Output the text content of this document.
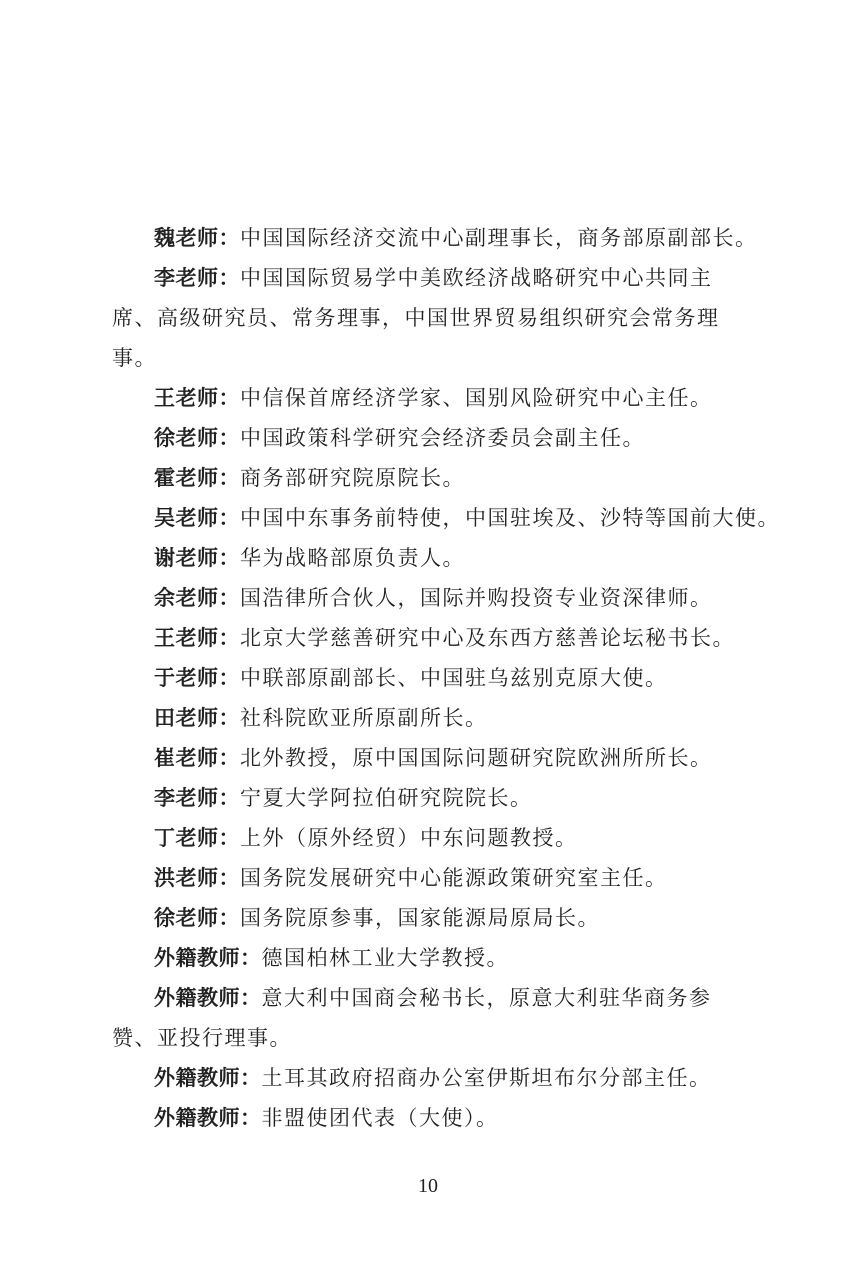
魏老师：中国国际经济交流中心副理事长，商务部原副部长。

李老师：中国国际贸易学中美欧经济战略研究中心共同主席、高级研究员、常务理事，中国世界贸易组织研究会常务理事。

王老师：中信保首席经济学家、国别风险研究中心主任。

徐老师：中国政策科学研究会经济委员会副主任。

霍老师：商务部研究院原院长。

吴老师：中国中东事务前特使，中国驻埃及、沙特等国前大使。

谢老师：华为战略部原负责人。

余老师：国浩律所合伙人，国际并购投资专业资深律师。

王老师：北京大学慈善研究中心及东西方慈善论坛秘书长。

于老师：中联部原副部长、中国驻乌兹别克原大使。

田老师：社科院欧亚所原副所长。

崔老师：北外教授，原中国国际问题研究院欧洲所所长。

李老师：宁夏大学阿拉伯研究院院长。

丁老师：上外（原外经贸）中东问题教授。

洪老师：国务院发展研究中心能源政策研究室主任。

徐老师：国务院原参事，国家能源局原局长。

外籍教师：德国柏林工业大学教授。

外籍教师：意大利中国商会秘书长，原意大利驻华商务参赞、亚投行理事。

外籍教师：土耳其政府招商办公室伊斯坦布尔分部主任。

外籍教师：非盟使团代表（大使）。

10
